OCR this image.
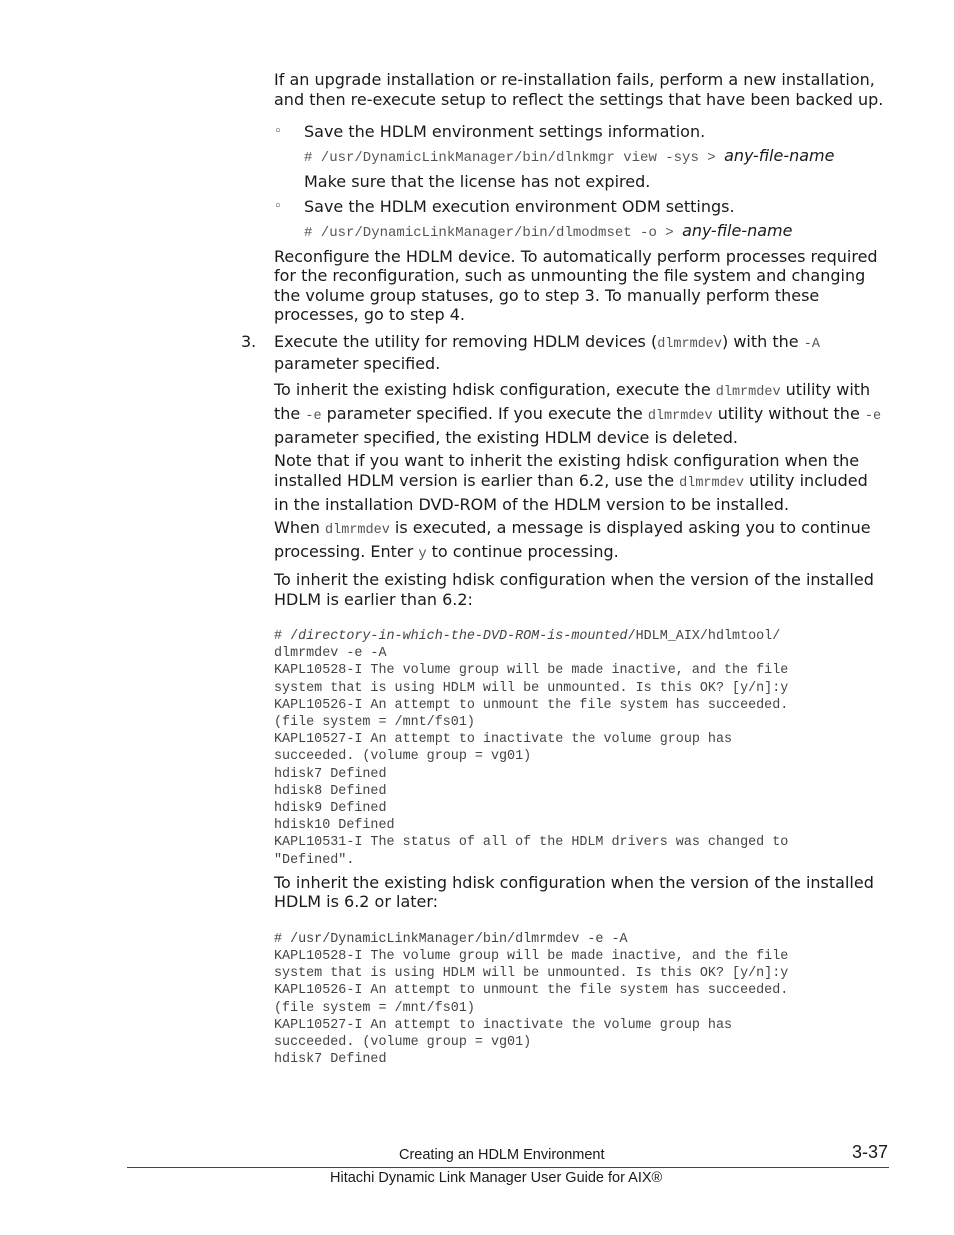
If an upgrade installation or re-installation fails, perform a new installation, and then re-execute setup to reflect the settings that have been backed up.

◦ Save the HDLM environment settings information.

# /usr/DynamicLinkManager/bin/dlnkmgr view -sys > any-file-name

Make sure that the license has not expired.

◦ Save the HDLM execution environment ODM settings.

# /usr/DynamicLinkManager/bin/dlmodmset -o > any-file-name

Reconfigure the HDLM device. To automatically perform processes required for the reconfiguration, such as unmounting the file system and changing the volume group statuses, go to step 3. To manually perform these processes, go to step 4.

3. Execute the utility for removing HDLM devices (dlmrmdev) with the -A parameter specified.

To inherit the existing hdisk configuration, execute the dlmrmdev utility with the -e parameter specified. If you execute the dlmrmdev utility without the -e parameter specified, the existing HDLM device is deleted.

Note that if you want to inherit the existing hdisk configuration when the installed HDLM version is earlier than 6.2, use the dlmrmdev utility included in the installation DVD-ROM of the HDLM version to be installed.

When dlmrmdev is executed, a message is displayed asking you to continue processing. Enter y to continue processing.

To inherit the existing hdisk configuration when the version of the installed HDLM is earlier than 6.2:

# /directory-in-which-the-DVD-ROM-is-mounted/HDLM_AIX/hdlmtool/
dlmrmdev -e -A
KAPL10528-I The volume group will be made inactive, and the file
system that is using HDLM will be unmounted. Is this OK? [y/n]:y
KAPL10526-I An attempt to unmount the file system has succeeded.
(file system = /mnt/fs01)
KAPL10527-I An attempt to inactivate the volume group has
succeeded. (volume group = vg01)
hdisk7 Defined
hdisk8 Defined
hdisk9 Defined
hdisk10 Defined
KAPL10531-I The status of all of the HDLM drivers was changed to
"Defined".

To inherit the existing hdisk configuration when the version of the installed HDLM is 6.2 or later:

# /usr/DynamicLinkManager/bin/dlmrmdev -e -A
KAPL10528-I The volume group will be made inactive, and the file
system that is using HDLM will be unmounted. Is this OK? [y/n]:y
KAPL10526-I An attempt to unmount the file system has succeeded.
(file system = /mnt/fs01)
KAPL10527-I An attempt to inactivate the volume group has
succeeded. (volume group = vg01)
hdisk7 Defined
Creating an HDLM Environment	3-37
Hitachi Dynamic Link Manager User Guide for AIX®
